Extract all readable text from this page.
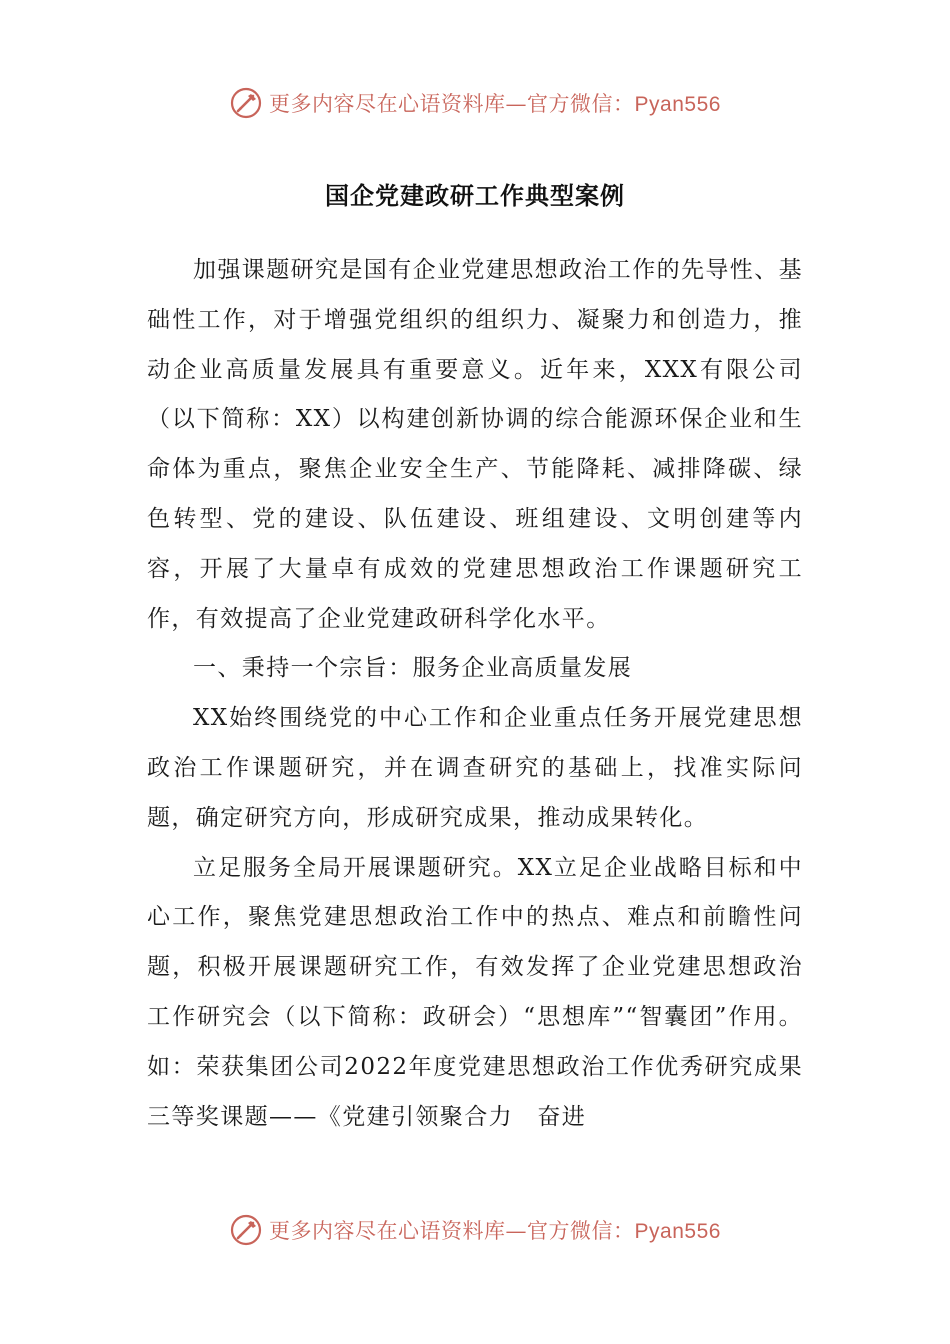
更多内容尽在心语资料库—官方微信：Pyan556
国企党建政研工作典型案例

加强课题研究是国有企业党建思想政治工作的先导性、基础性工作，对于增强党组织的组织力、凝聚力和创造力，推动企业高质量发展具有重要意义。近年来，XXX有限公司（以下简称：XX）以构建创新协调的综合能源环保企业和生命体为重点，聚焦企业安全生产、节能降耗、减排降碳、绿色转型、党的建设、队伍建设、班组建设、文明创建等内容，开展了大量卓有成效的党建思想政治工作课题研究工作，有效提高了企业党建政研科学化水平。

一、秉持一个宗旨：服务企业高质量发展

XX始终围绕党的中心工作和企业重点任务开展党建思想政治工作课题研究，并在调查研究的基础上，找准实际问题，确定研究方向，形成研究成果，推动成果转化。

立足服务全局开展课题研究。XX立足企业战略目标和中心工作，聚焦党建思想政治工作中的热点、难点和前瞻性问题，积极开展课题研究工作，有效发挥了企业党建思想政治工作研究会（以下简称：政研会）“思想库”“智囊团”作用。如：荣获集团公司2022年度党建思想政治工作优秀研究成果三等奖课题——《党建引领聚合力　奋进

更多内容尽在心语资料库—官方微信：Pyan556
